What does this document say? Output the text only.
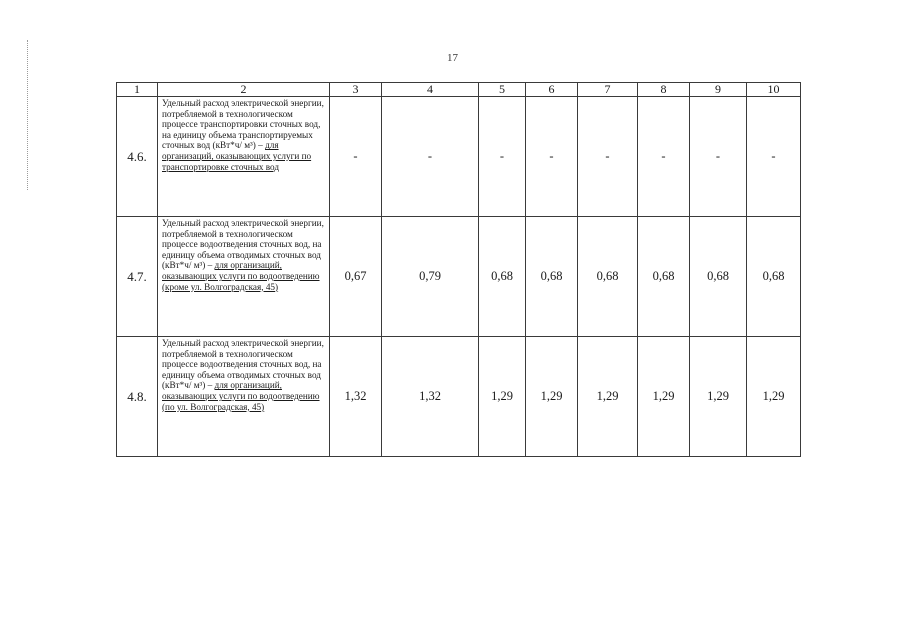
17
1	2	3	4	5	6	7	8	9	10
4.6.	Удельный расход электрической энергии, потребляемой в технологическом процессе транспортировки сточных вод, на единицу объема транспортируемых сточных вод (кВт*ч/ м³) – для организаций, оказывающих услуги по транспортировке сточных вод	-	-	-	-	-	-	-	-
4.7.	Удельный расход электрической энергии, потребляемой в технологическом процессе водоотведения сточных вод, на единицу объема отводимых сточных вод (кВт*ч/ м³) – для организаций, оказывающих услуги по водоотведению (кроме ул. Волгоградская, 45)	0,67	0,79	0,68	0,68	0,68	0,68	0,68	0,68
4.8.	Удельный расход электрической энергии, потребляемой в технологическом процессе водоотведения сточных вод, на единицу объема отводимых сточных вод (кВт*ч/ м³) – для организаций, оказывающих услуги по водоотведению (по ул. Волгоградская, 45)	1,32	1,32	1,29	1,29	1,29	1,29	1,29	1,29
